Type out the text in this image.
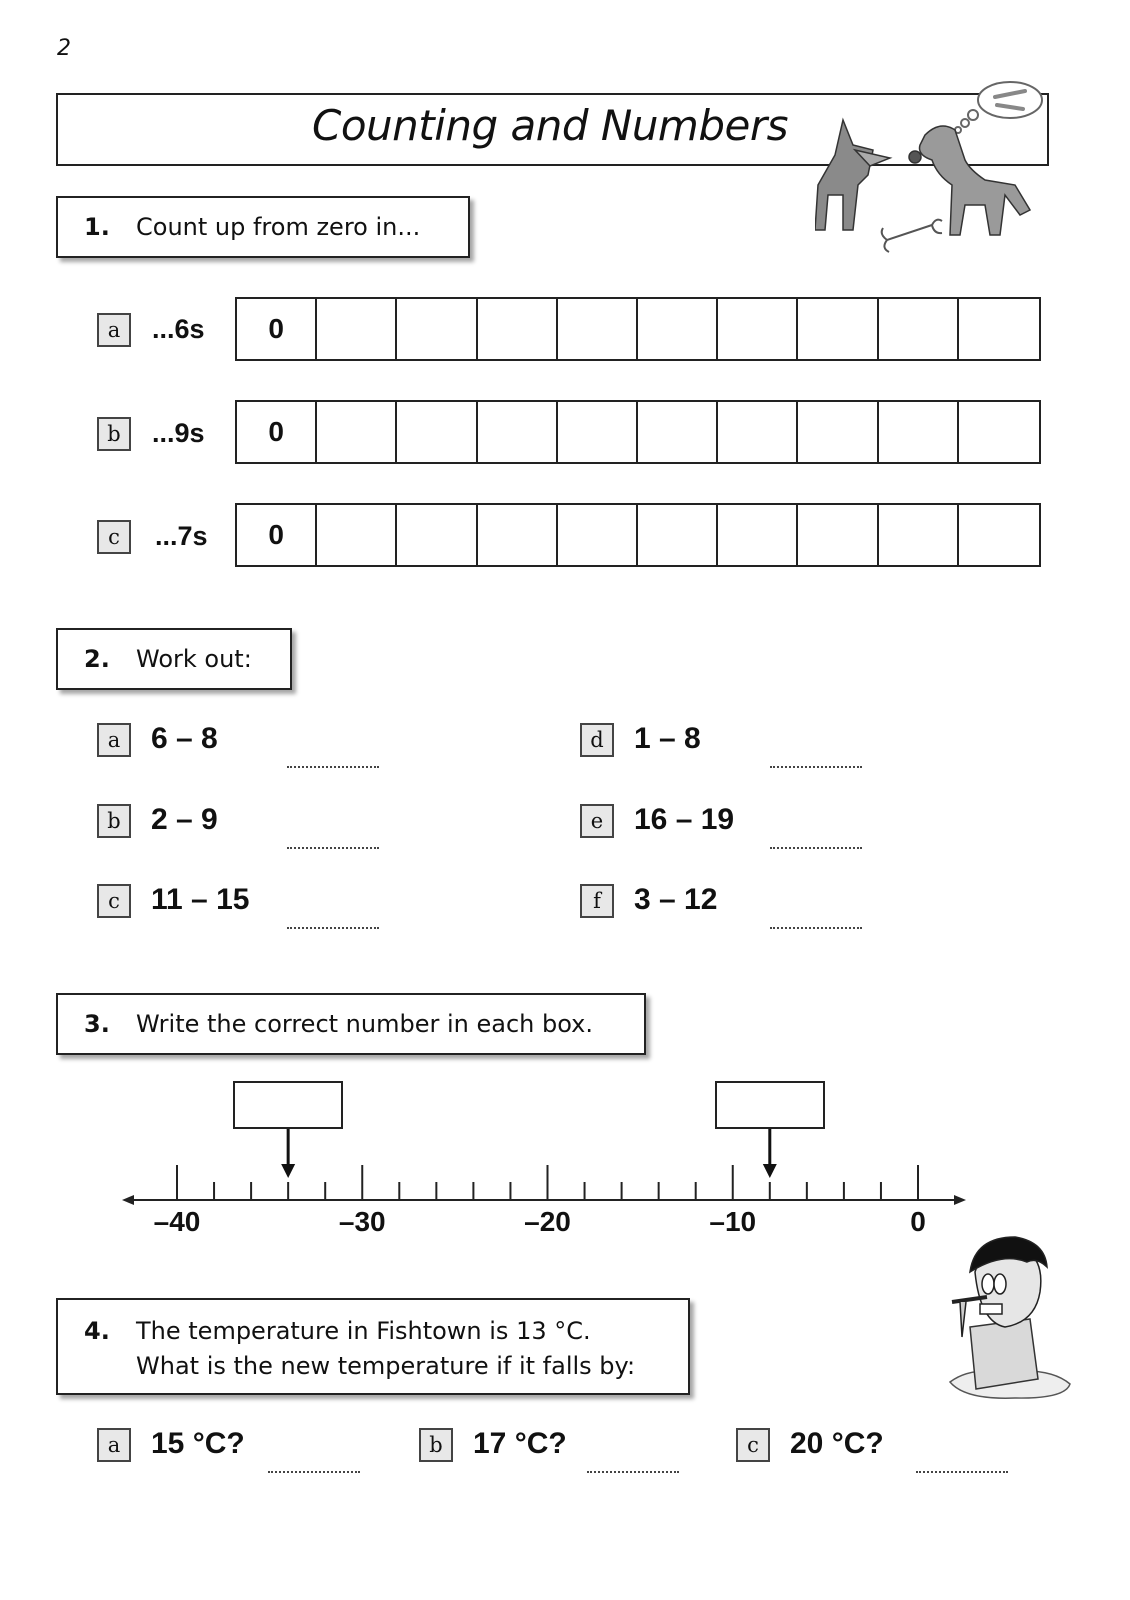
2
Counting and Numbers
1.	Count up from zero in...
a	...6s	0
b	...9s	0
c	...7s	0
2.	Work out:
a	6 – 8
b	2 – 9
c	11 – 15
d	1 – 8
e	16 – 19
f	3 – 12
3.	Write the correct number in each box.
–40	–30	–20	–10	0
4.	The temperature in Fishtown is 13 °C.
What is the new temperature if it falls by:
a	15 °C?	b	17 °C?	c	20 °C?
